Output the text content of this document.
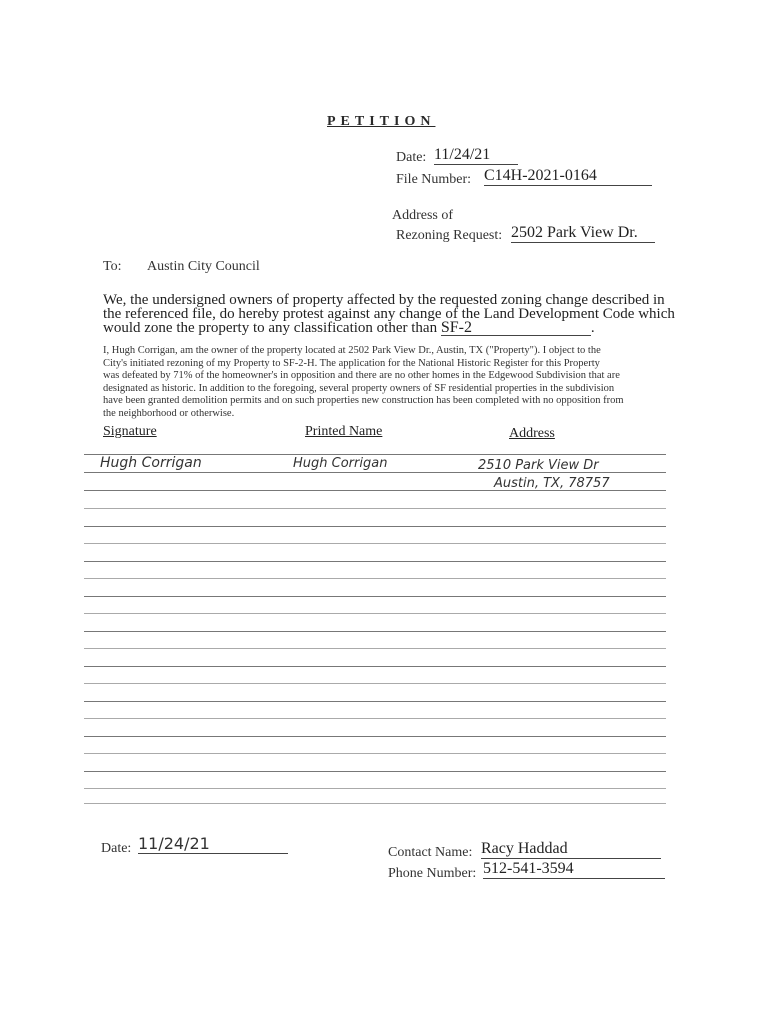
PETITION
Date: 11/24/21
File Number: C14H-2021-0164
Address of
Rezoning Request: 2502 Park View Dr.
To: Austin City Council
We, the undersigned owners of property affected by the requested zoning change described in
the referenced file, do hereby protest against any change of the Land Development Code which
would zone the property to any classification other than SF-2	.
I, Hugh Corrigan, am the owner of the property located at 2502 Park View Dr., Austin, TX ("Property"). I object to the
City's initiated rezoning of my Property to SF-2-H. The application for the National Historic Register for this Property
was defeated by 71% of the homeowner's in opposition and there are no other homes in the Edgewood Subdivision that are
designated as historic. In addition to the foregoing, several property owners of SF residential properties in the subdivision
have been granted demolition permits and on such properties new construction has been completed with no opposition from
the neighborhood or otherwise.
Signature	Printed Name	Address
Hugh Corrigan	Hugh Corrigan	2510 Park View Dr
Austin, TX, 78757
Date: 11/24/21	Contact Name: Racy Haddad
Phone Number: 512-541-3594
